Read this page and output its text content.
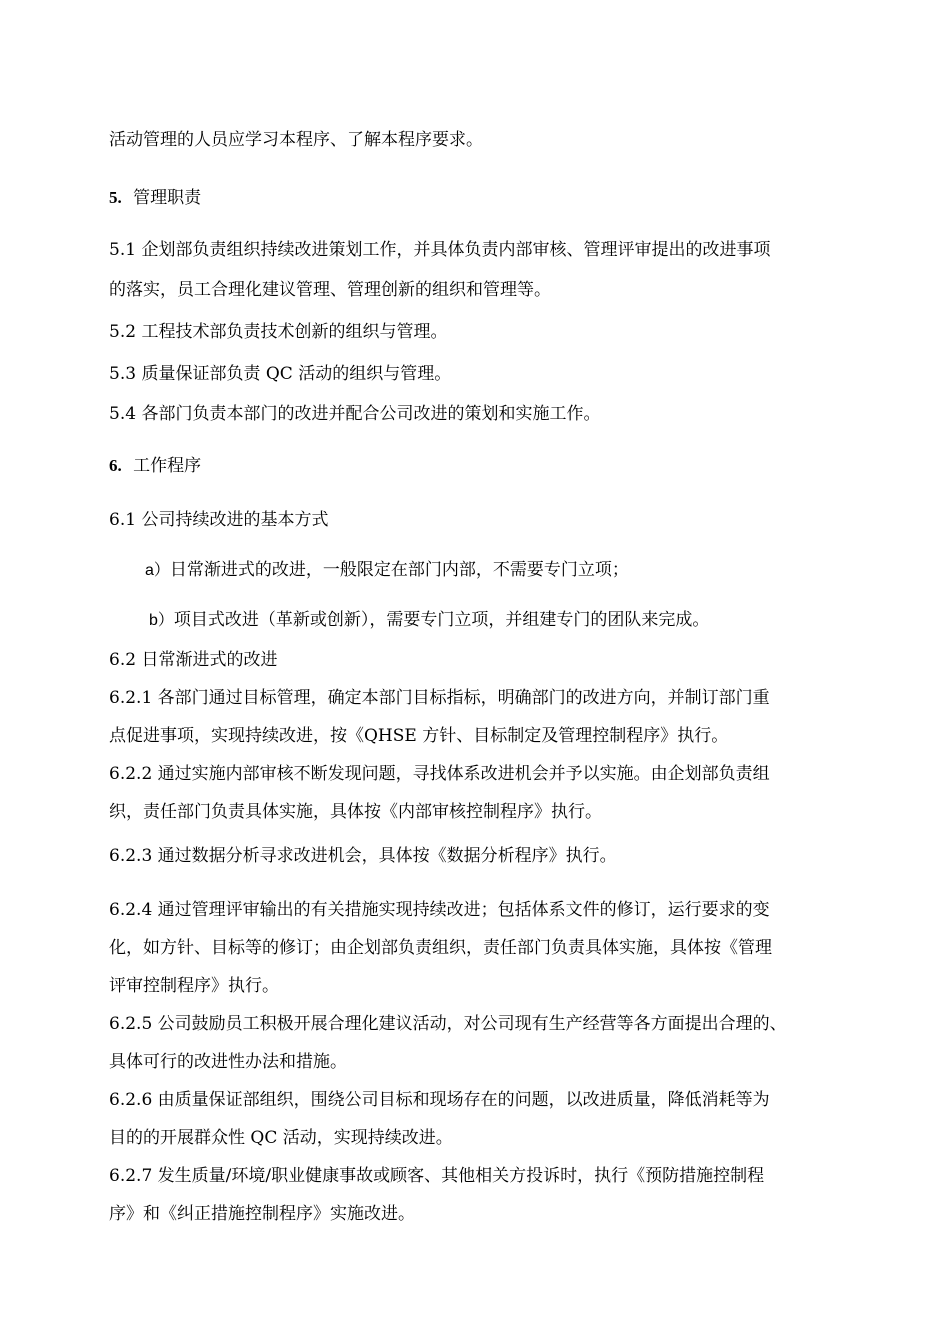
活动管理的人员应学习本程序、了解本程序要求。
5. 管理职责
5.1 企划部负责组织持续改进策划工作，并具体负责内部审核、管理评审提出的改进事项
的落实，员工合理化建议管理、管理创新的组织和管理等。
5.2 工程技术部负责技术创新的组织与管理。
5.3 质量保证部负责 QC 活动的组织与管理。
5.4 各部门负责本部门的改进并配合公司改进的策划和实施工作。
6. 工作程序
6.1 公司持续改进的基本方式
a）日常渐进式的改进，一般限定在部门内部，不需要专门立项；
b）项目式改进（革新或创新），需要专门立项，并组建专门的团队来完成。
6.2 日常渐进式的改进
6.2.1 各部门通过目标管理，确定本部门目标指标，明确部门的改进方向，并制订部门重
点促进事项，实现持续改进，按《QHSE 方针、目标制定及管理控制程序》执行。
6.2.2 通过实施内部审核不断发现问题，寻找体系改进机会并予以实施。由企划部负责组
织，责任部门负责具体实施，具体按《内部审核控制程序》执行。
6.2.3 通过数据分析寻求改进机会，具体按《数据分析程序》执行。
6.2.4 通过管理评审输出的有关措施实现持续改进；包括体系文件的修订，运行要求的变
化，如方针、目标等的修订；由企划部负责组织，责任部门负责具体实施，具体按《管理
评审控制程序》执行。
6.2.5 公司鼓励员工积极开展合理化建议活动，对公司现有生产经营等各方面提出合理的、
具体可行的改进性办法和措施。
6.2.6 由质量保证部组织，围绕公司目标和现场存在的问题，以改进质量，降低消耗等为
目的的开展群众性 QC 活动，实现持续改进。
6.2.7 发生质量/环境/职业健康事故或顾客、其他相关方投诉时，执行《预防措施控制程
序》和《纠正措施控制程序》实施改进。
